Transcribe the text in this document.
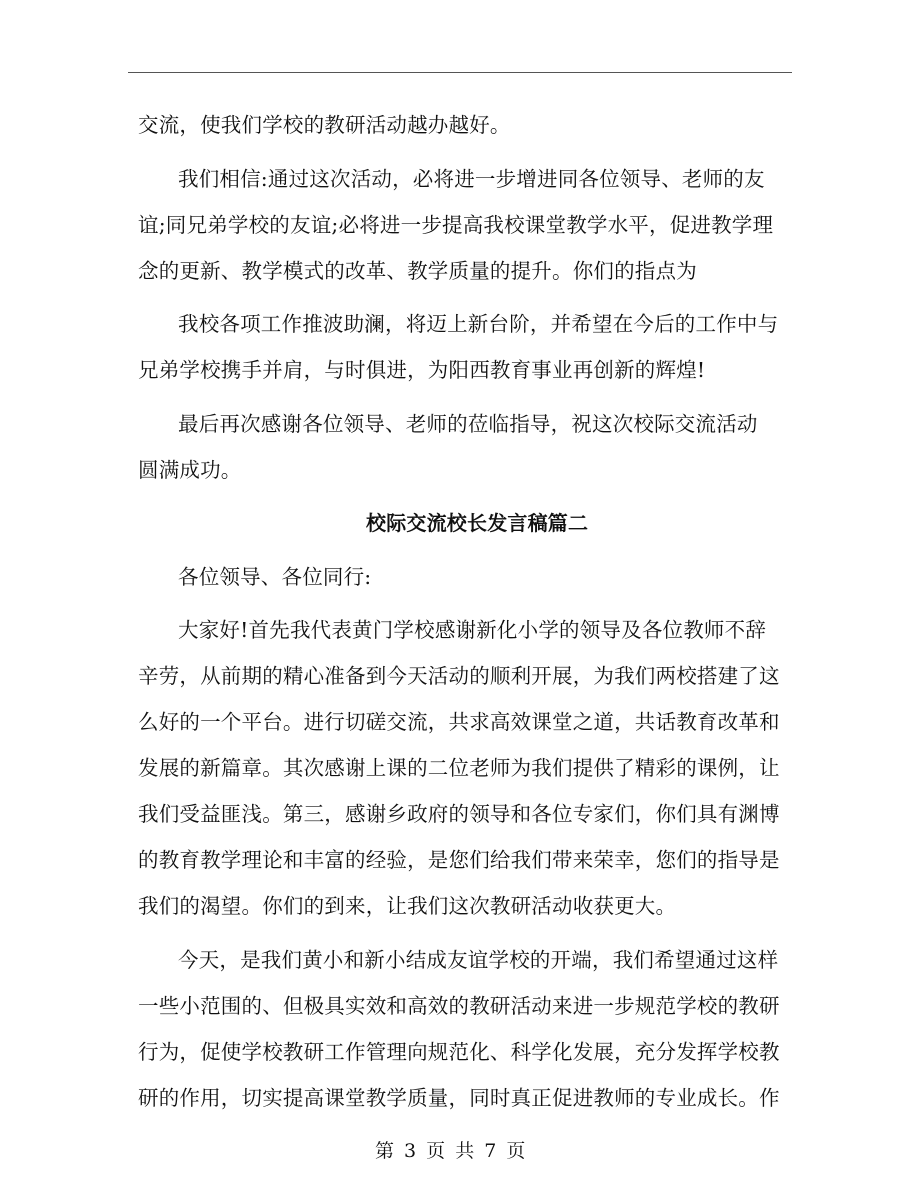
交流，使我们学校的教研活动越办越好。
我们相信:通过这次活动，必将进一步增进同各位领导、老师的友
谊;同兄弟学校的友谊;必将进一步提高我校课堂教学水平，促进教学理
念的更新、教学模式的改革、教学质量的提升。你们的指点为
我校各项工作推波助澜，将迈上新台阶，并希望在今后的工作中与
兄弟学校携手并肩，与时俱进，为阳西教育事业再创新的辉煌!
最后再次感谢各位领导、老师的莅临指导，祝这次校际交流活动
圆满成功。
校际交流校长发言稿篇二
各位领导、各位同行:
大家好!首先我代表黄门学校感谢新化小学的领导及各位教师不辞
辛劳，从前期的精心准备到今天活动的顺利开展，为我们两校搭建了这
么好的一个平台。进行切磋交流，共求高效课堂之道，共话教育改革和
发展的新篇章。其次感谢上课的二位老师为我们提供了精彩的课例，让
我们受益匪浅。第三，感谢乡政府的领导和各位专家们，你们具有渊博
的教育教学理论和丰富的经验，是您们给我们带来荣幸，您们的指导是
我们的渴望。你们的到来，让我们这次教研活动收获更大。
今天，是我们黄小和新小结成友谊学校的开端，我们希望通过这样
一些小范围的、但极具实效和高效的教研活动来进一步规范学校的教研
行为，促使学校教研工作管理向规范化、科学化发展，充分发挥学校教
研的作用，切实提高课堂教学质量，同时真正促进教师的专业成长。作
第 3 页 共 7 页
